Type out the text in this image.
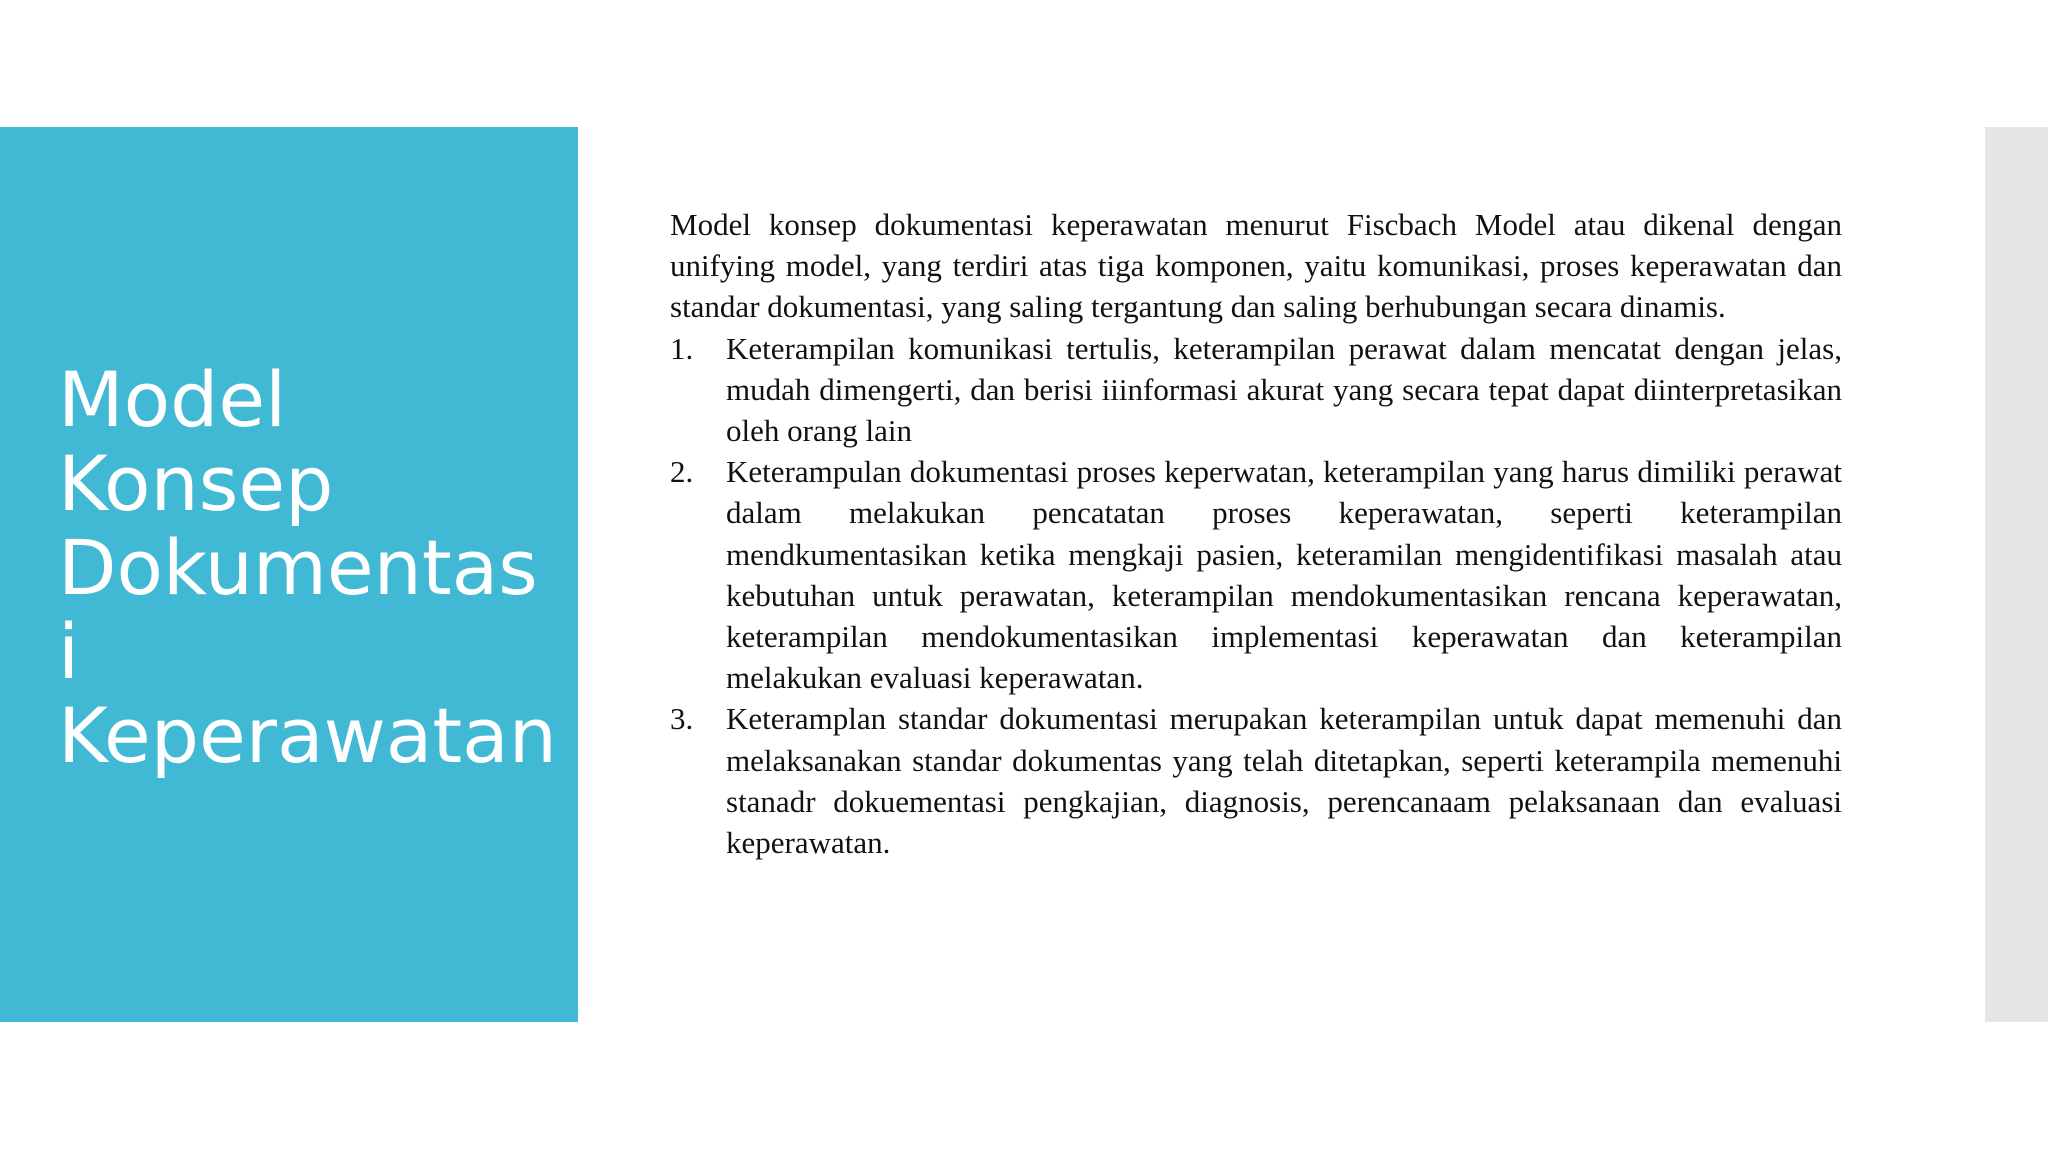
Model
Konsep
Dokumentas
i
Keperawatan

Model konsep dokumentasi keperawatan menurut Fiscbach Model atau dikenal dengan unifying model, yang terdiri atas tiga komponen, yaitu komunikasi, proses keperawatan dan standar dokumentasi, yang saling tergantung dan saling berhubungan secara dinamis.

1.	Keterampilan komunikasi tertulis, keterampilan perawat dalam mencatat dengan jelas, mudah dimengerti, dan berisi iiinformasi akurat yang secara tepat dapat diinterpretasikan oleh orang lain
2.	Keterampulan dokumentasi proses keperwatan, keterampilan yang harus dimiliki perawat dalam melakukan pencatatan proses keperawatan, seperti keterampilan mendkumentasikan ketika mengkaji pasien, keteramilan mengidentifikasi masalah atau kebutuhan untuk perawatan, keterampilan mendokumentasikan rencana keperawatan, keterampilan mendokumentasikan implementasi keperawatan dan keterampilan melakukan evaluasi keperawatan.
3.	Keteramplan standar dokumentasi merupakan keterampilan untuk dapat memenuhi dan melaksanakan standar dokumentas yang telah ditetapkan, seperti keterampila memenuhi stanadr dokuementasi pengkajian, diagnosis, perencanaam pelaksanaan dan evaluasi keperawatan.
